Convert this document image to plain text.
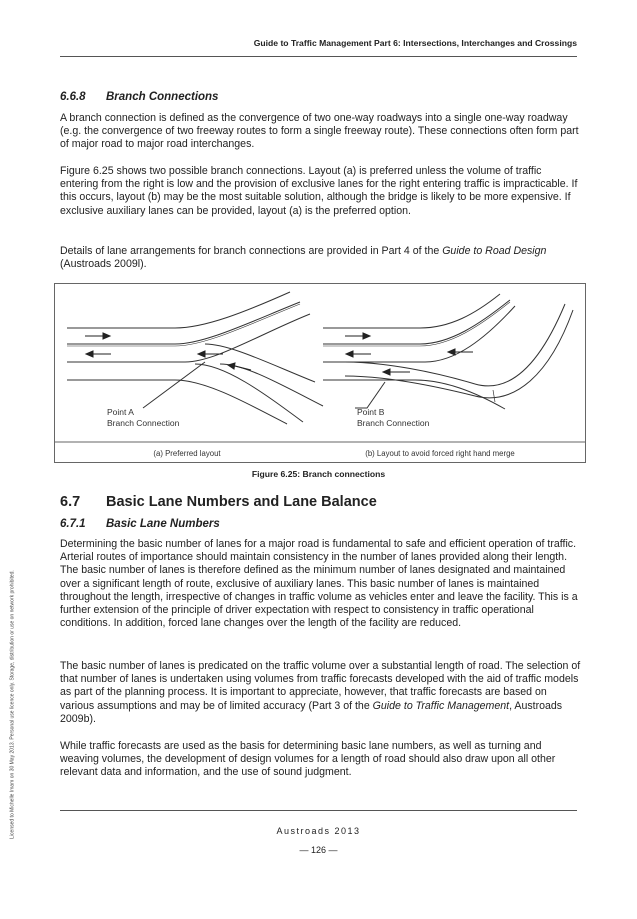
Guide to Traffic Management Part 6: Intersections, Interchanges and Crossings
6.6.8 Branch Connections

A branch connection is defined as the convergence of two one-way roadways into a single one-way roadway (e.g. the convergence of two freeway routes to form a single freeway route). These connections often form part of major road to major road interchanges.

Figure 6.25 shows two possible branch connections. Layout (a) is preferred unless the volume of traffic entering from the right is low and the provision of exclusive lanes for the right entering traffic is impracticable. If this occurs, layout (b) may be the most suitable solution, although the bridge is likely to be more expensive. If exclusive auxiliary lanes can be provided, layout (a) is the preferred option.

Details of lane arrangements for branch connections are provided in Part 4 of the Guide to Road Design (Austroads 2009l).

Point A
Branch Connection
Point B
Branch Connection
(a) Preferred layout	(b) Layout to avoid forced right hand merge
Figure 6.25: Branch connections
6.7 Basic Lane Numbers and Lane Balance
6.7.1 Basic Lane Numbers

Determining the basic number of lanes for a major road is fundamental to safe and efficient operation of traffic. Arterial routes of importance should maintain consistency in the number of lanes provided along their length. The basic number of lanes is therefore defined as the minimum number of lanes designated and maintained over a significant length of route, exclusive of auxiliary lanes. This basic number of lanes is maintained throughout the length, irrespective of changes in traffic volume as vehicles enter and leave the facility. This is a further extension of the principle of driver expectation with respect to consistency in traffic operational conditions. In addition, forced lane changes over the length of the facility are reduced.

The basic number of lanes is predicated on the traffic volume over a substantial length of road. The selection of that number of lanes is undertaken using volumes from traffic forecasts developed with the aid of traffic models as part of the planning process. It is important to appreciate, however, that traffic forecasts are based on various assumptions and may be of limited accuracy (Part 3 of the Guide to Traffic Management, Austroads 2009b).

While traffic forecasts are used as the basis for determining basic lane numbers, as well as turning and weaving volumes, the development of design volumes for a length of road should also draw upon all other relevant data and information, and the use of sound judgment.

Licensed to Michelle Imam on 30 May 2013. Personal use licence only. Storage, distribution or use on network prohibited.	Austroads 2013
— 126 —
